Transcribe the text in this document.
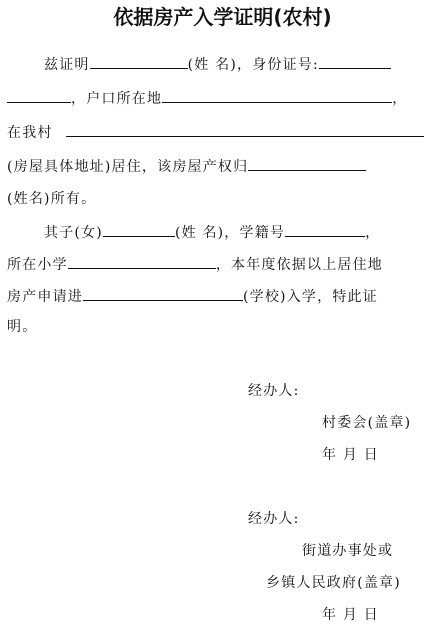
依据房产入学证明(农村)
兹证明	(姓 名)，身份证号:
，户口所在地	，
在我村
(房屋具体地址)居住，该房屋产权归
(姓名)所有。
其子(女)	(姓 名)，学籍号	，
所在小学	，本年度依据以上居住地
房产申请进	(学校)入学，特此证
明。
经办人:
村委会(盖章)
年 月 日
经办人:
街道办事处或
乡镇人民政府(盖章)
年 月 日
